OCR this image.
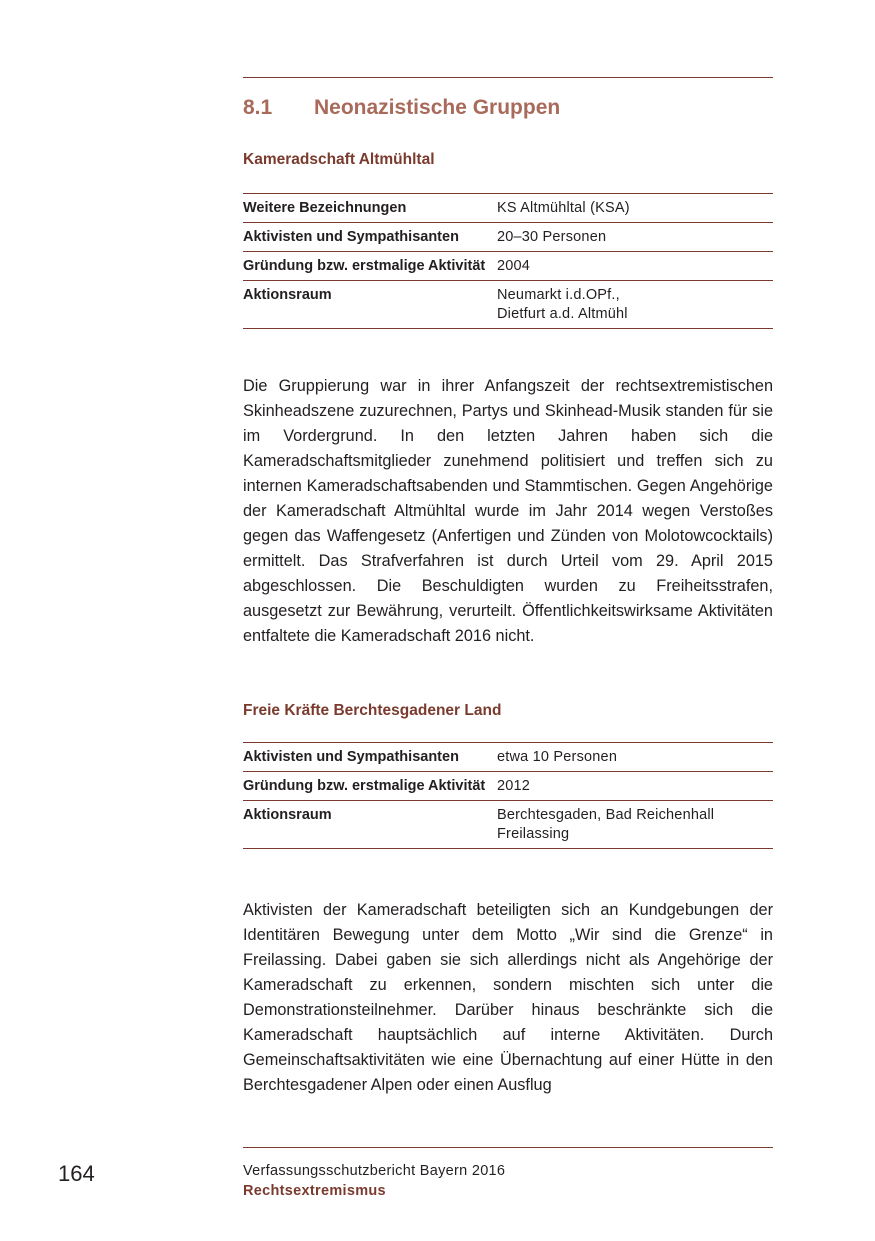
8.1 Neonazistische Gruppen
Kameradschaft Altmühltal
Weitere Bezeichnungen	KS Altmühltal (KSA)

Aktivisten und Sympathisanten	20–30 Personen

Gründung bzw. erstmalige Aktivität	2004

Aktionsraum	Neumarkt i.d.OPf.,
Dietfurt a.d. Altmühl

Die Gruppierung war in ihrer Anfangszeit der rechtsextremistischen Skinheadszene zuzurechnen, Partys und Skinhead-Musik standen für sie im Vordergrund. In den letzten Jahren haben sich die Kameradschaftsmitglieder zunehmend politisiert und treffen sich zu internen Kameradschaftsabenden und Stammtischen. Gegen Angehörige der Kameradschaft Altmühltal wurde im Jahr 2014 wegen Verstoßes gegen das Waffengesetz (Anfertigen und Zünden von Molotowcocktails) ermittelt. Das Strafverfahren ist durch Urteil vom 29. April 2015 abgeschlossen. Die Beschuldigten wurden zu Freiheitsstrafen, ausgesetzt zur Bewährung, verurteilt. Öffentlichkeitswirksame Aktivitäten entfaltete die Kameradschaft 2016 nicht.

Freie Kräfte Berchtesgadener Land
Aktivisten und Sympathisanten	etwa 10 Personen

Gründung bzw. erstmalige Aktivität	2012

Aktionsraum	Berchtesgaden, Bad Reichenhall
Freilassing

Aktivisten der Kameradschaft beteiligten sich an Kundgebungen der Identitären Bewegung unter dem Motto „Wir sind die Grenze“ in Freilassing. Dabei gaben sie sich allerdings nicht als Angehörige der Kameradschaft zu erkennen, sondern mischten sich unter die Demonstrationsteilnehmer. Darüber hinaus beschränkte sich die Kameradschaft hauptsächlich auf interne Aktivitäten. Durch Gemeinschaftsaktivitäten wie eine Übernachtung auf einer Hütte in den Berchtesgadener Alpen oder einen Ausflug

164	Verfassungsschutzbericht Bayern 2016
Rechtsextremismus
